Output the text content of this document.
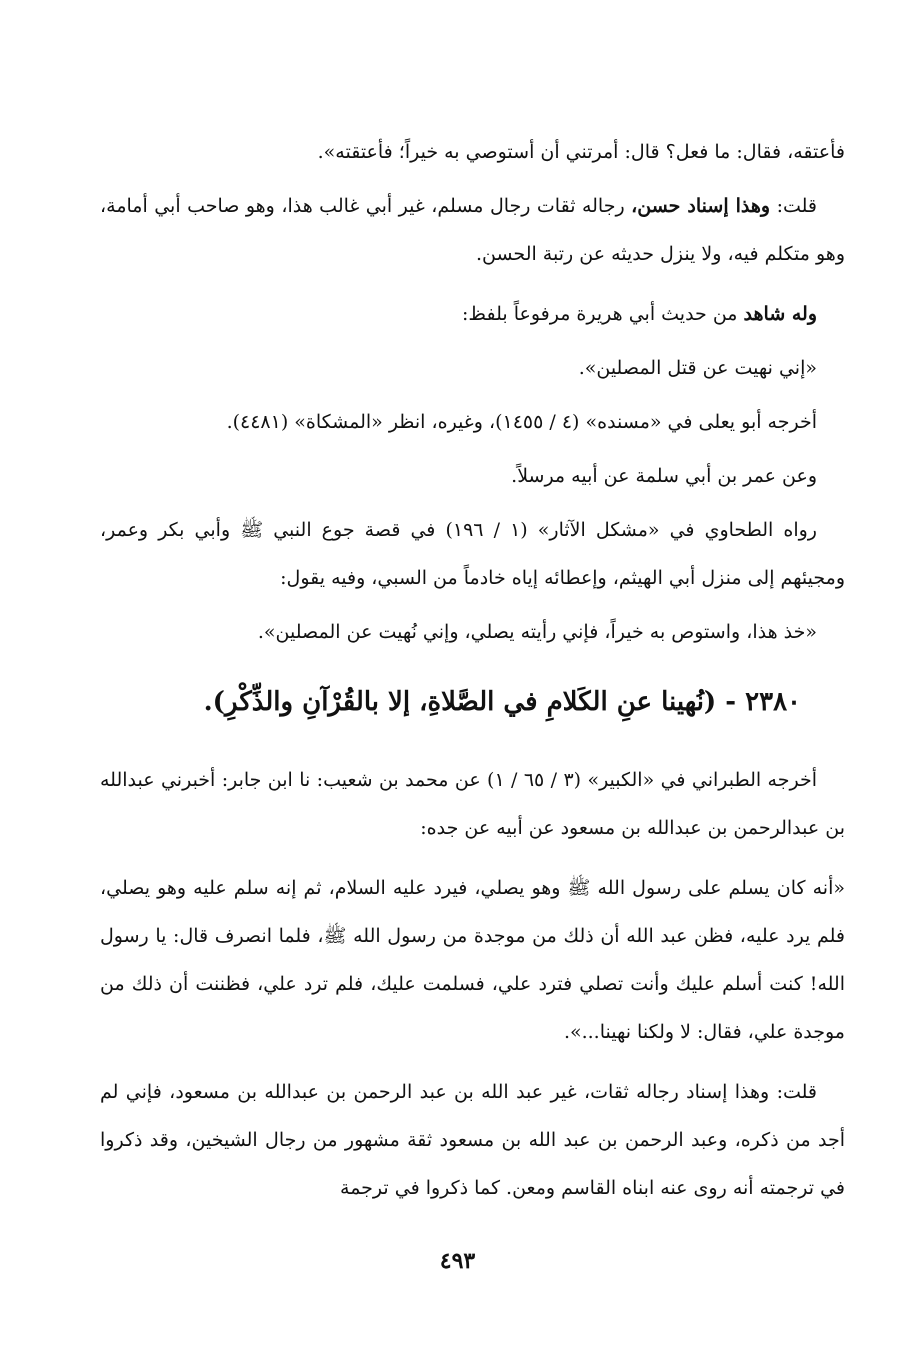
فأعتقه، فقال: ما فعل؟ قال: أمرتني أن أستوصي به خيراً؛ فأعتقته».

قلت: وهذا إسناد حسن، رجاله ثقات رجال مسلم، غير أبي غالب هذا، وهو صاحب أبي أمامة، وهو متكلم فيه، ولا ينزل حديثه عن رتبة الحسن.

وله شاهد من حديث أبي هريرة مرفوعاً بلفظ:

«إني نهيت عن قتل المصلين».

أخرجه أبو يعلى في «مسنده» (٤ / ١٤٥٥)، وغيره، انظر «المشكاة» (٤٤٨١).

وعن عمر بن أبي سلمة عن أبيه مرسلاً.

رواه الطحاوي في «مشكل الآثار» (١ / ١٩٦) في قصة جوع النبي ﷺ وأبي بكر وعمر، ومجيئهم إلى منزل أبي الهيثم، وإعطائه إياه خادماً من السبي، وفيه يقول:

«خذ هذا، واستوص به خيراً، فإني رأيته يصلي، وإني نُهيت عن المصلين».

٢٣٨٠ - (نُهينا عنِ الكَلامِ في الصَّلاةِ، إلا بالقُرْآنِ والذِّكْرِ).

أخرجه الطبراني في «الكبير» (٣ / ٦٥ / ١) عن محمد بن شعيب: نا ابن جابر: أخبرني عبدالله بن عبدالرحمن بن عبدالله بن مسعود عن أبيه عن جده:

«أنه كان يسلم على رسول الله ﷺ وهو يصلي، فيرد عليه السلام، ثم إنه سلم عليه وهو يصلي، فلم يرد عليه، فظن عبد الله أن ذلك من موجدة من رسول الله ﷺ، فلما انصرف قال: يا رسول الله! كنت أسلم عليك وأنت تصلي فترد علي، فسلمت عليك، فلم ترد علي، فظننت أن ذلك من موجدة علي، فقال: لا ولكنا نهينا...».

قلت: وهذا إسناد رجاله ثقات، غير عبد الله بن عبد الرحمن بن عبدالله بن مسعود، فإني لم أجد من ذكره، وعبد الرحمن بن عبد الله بن مسعود ثقة مشهور من رجال الشيخين، وقد ذكروا في ترجمته أنه روى عنه ابناه القاسم ومعن. كما ذكروا في ترجمة

٤٩٣
